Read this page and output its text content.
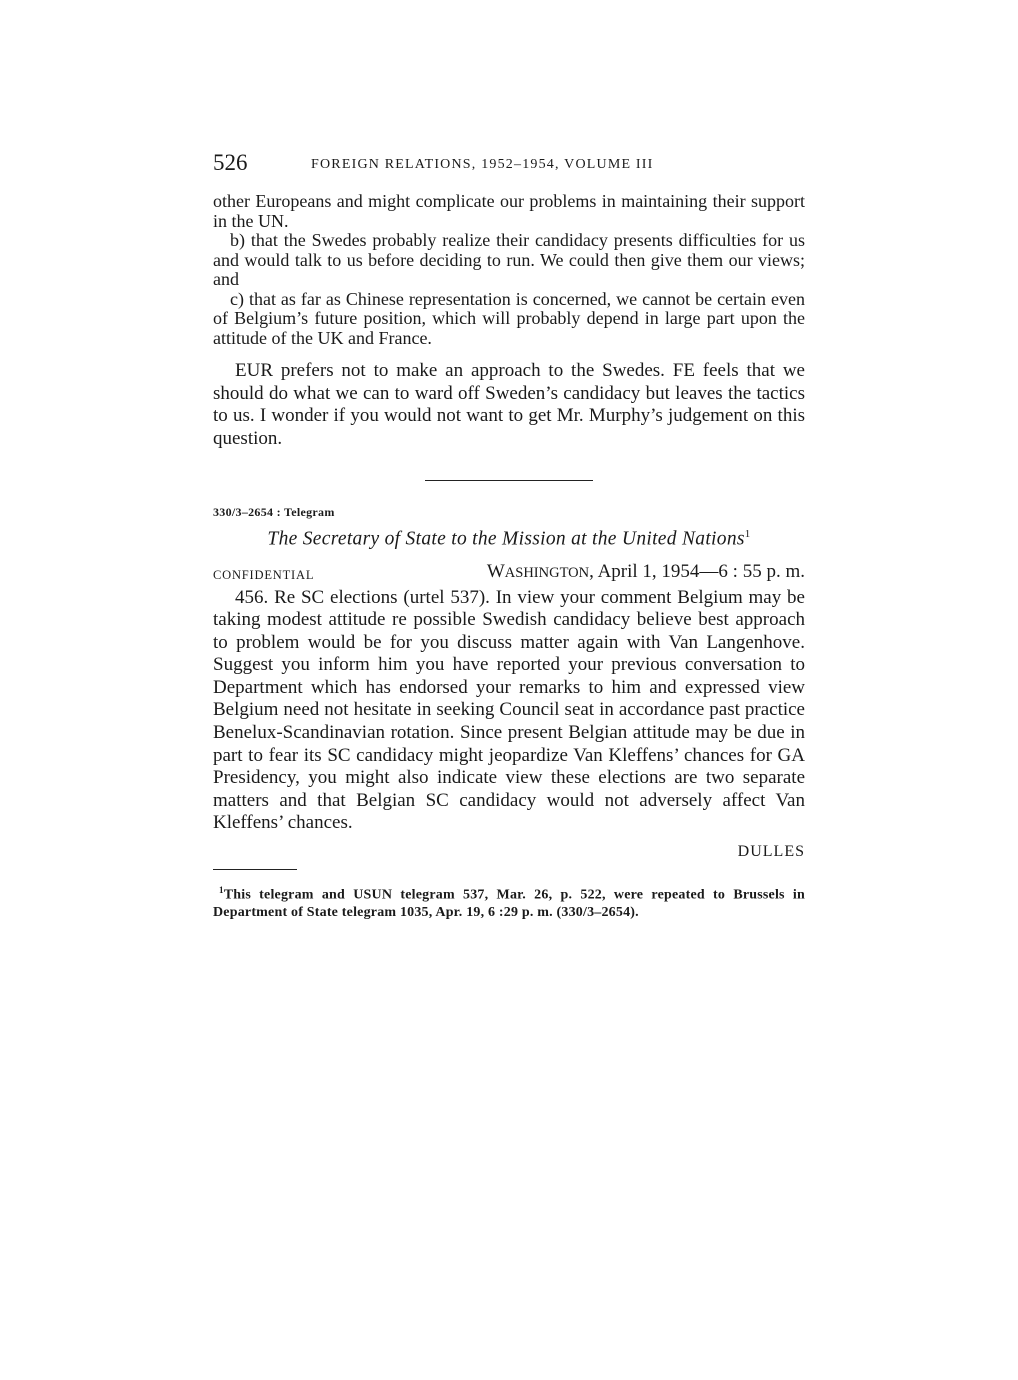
526	FOREIGN RELATIONS, 1952–1954, VOLUME III

other Europeans and might complicate our problems in maintaining their support in the UN.

b) that the Swedes probably realize their candidacy presents difficulties for us and would talk to us before deciding to run. We could then give them our views; and

c) that as far as Chinese representation is concerned, we cannot be certain even of Belgium’s future position, which will probably depend in large part upon the attitude of the UK and France.

EUR prefers not to make an approach to the Swedes. FE feels that we should do what we can to ward off Sweden’s candidacy but leaves the tactics to us. I wonder if you would not want to get Mr. Murphy’s judgement on this question.

330/3–2654 : Telegram

The Secretary of State to the Mission at the United Nations$^1$

CONFIDENTIAL	WASHINGTON, April 1, 1954—6 : 55 p. m.

456. Re SC elections (urtel 537). In view your comment Belgium may be taking modest attitude re possible Swedish candidacy believe best approach to problem would be for you discuss matter again with Van Langenhove. Suggest you inform him you have reported your previous conversation to Department which has endorsed your remarks to him and expressed view Belgium need not hesitate in seeking Council seat in accordance past practice Benelux-Scandinavian rotation. Since present Belgian attitude may be due in part to fear its SC candidacy might jeopardize Van Kleffens’ chances for GA Presidency, you might also indicate view these elections are two separate matters and that Belgian SC candidacy would not adversely affect Van Kleffens’ chances.

DULLES

$^1$This telegram and USUN telegram 537, Mar. 26, p. 522, were repeated to Brussels in Department of State telegram 1035, Apr. 19, 6 :29 p. m. (330/3–2654).
